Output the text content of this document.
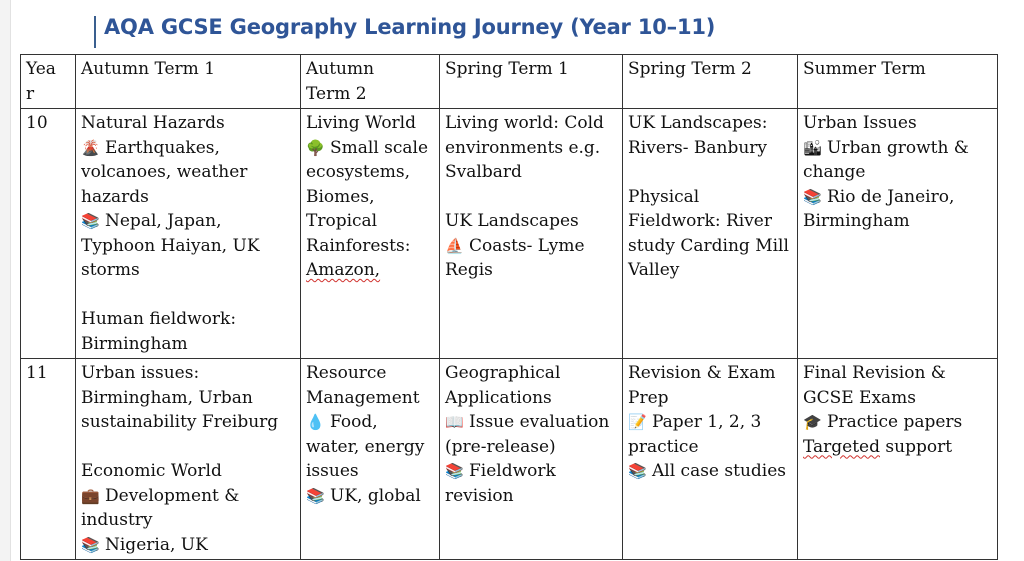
AQA GCSE Geography Learning Journey (Year 10–11)
Yea
r	Autumn Term 1	Autumn
Term 2	Spring Term 1	Spring Term 2	Summer Term

10	Natural Hazards
🌋 Earthquakes, volcanoes, weather hazards
📚 Nepal, Japan, Typhoon Haiyan, UK storms
Human fieldwork:
Birmingham	Living World
🌳 Small scale ecosystems, Biomes, Tropical Rainforests:
Amazon,	Living world: Cold environments e.g. Svalbard
UK Landscapes
⛵ Coasts- Lyme Regis	UK Landscapes: Rivers- Banbury
Physical Fieldwork: River study Carding Mill Valley	Urban Issues
🏙 Urban growth & change
📚 Rio de Janeiro, Birmingham

11	Urban issues: Birmingham, Urban sustainability Freiburg
Economic World
💼 Development & industry
📚 Nigeria, UK	Resource Management
💧 Food, water, energy issues
📚 UK, global	Geographical Applications
📖 Issue evaluation (pre-release)
📚 Fieldwork revision	Revision & Exam Prep
📝 Paper 1, 2, 3 practice
📚 All case studies	Final Revision & GCSE Exams
🎓 Practice papers
Targeted support
